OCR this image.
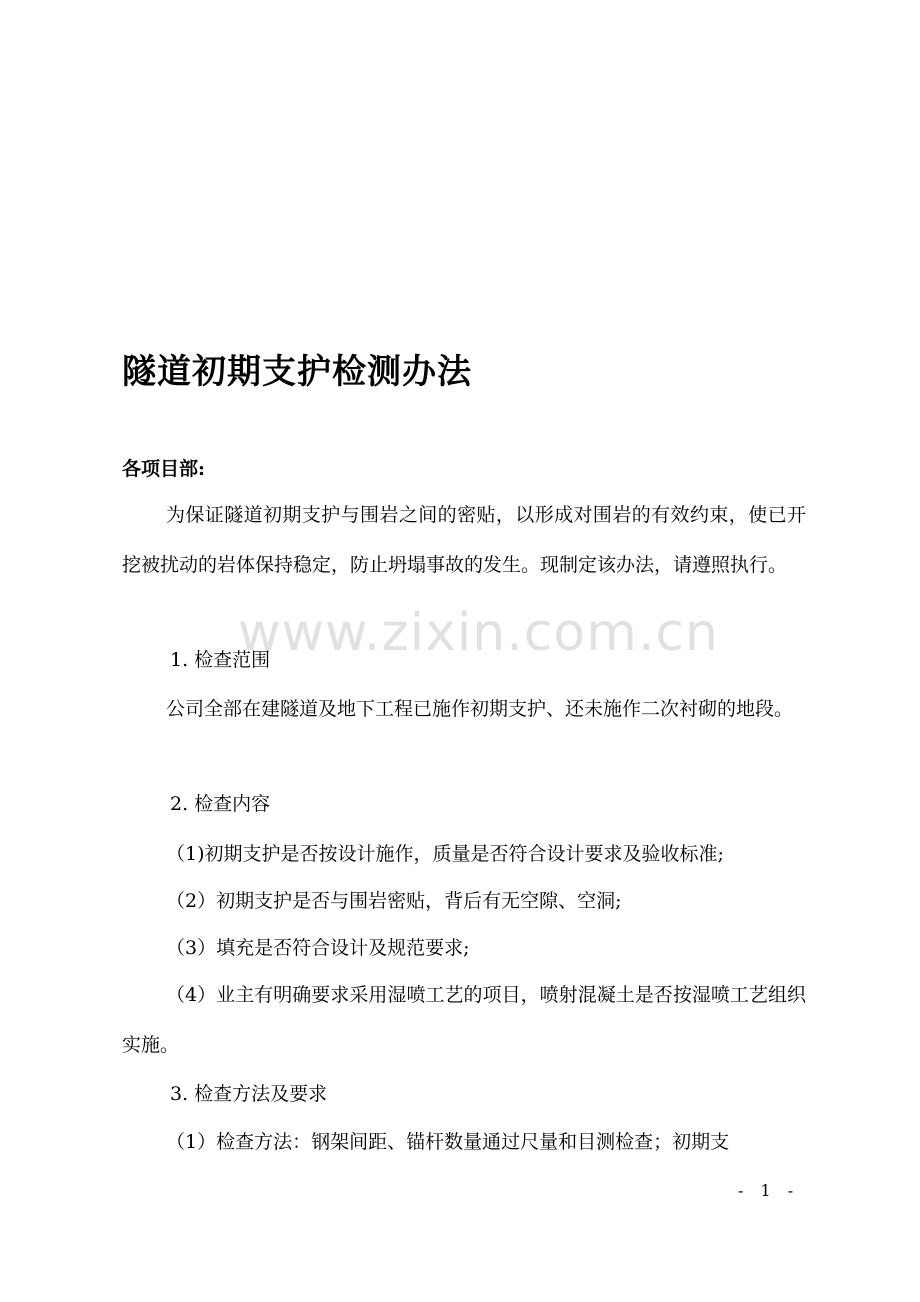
隧道初期支护检测办法
各项目部:

为保证隧道初期支护与围岩之间的密贴，以形成对围岩的有效约束，使已开挖被扰动的岩体保持稳定，防止坍塌事故的发生。现制定该办法，请遵照执行。

1. 检查范围

公司全部在建隧道及地下工程已施作初期支护、还未施作二次衬砌的地段。

2. 检查内容
（1)初期支护是否按设计施作，质量是否符合设计要求及验收标准;
（2）初期支护是否与围岩密贴，背后有无空隙、空洞;
（3）填充是否符合设计及规范要求;

（4）业主有明确要求采用湿喷工艺的项目，喷射混凝土是否按湿喷工艺组织实施。

3. 检查方法及要求
（1）检查方法：钢架间距、锚杆数量通过尺量和目测检查；初期支
www.zixin.com.cn
- 1 -
